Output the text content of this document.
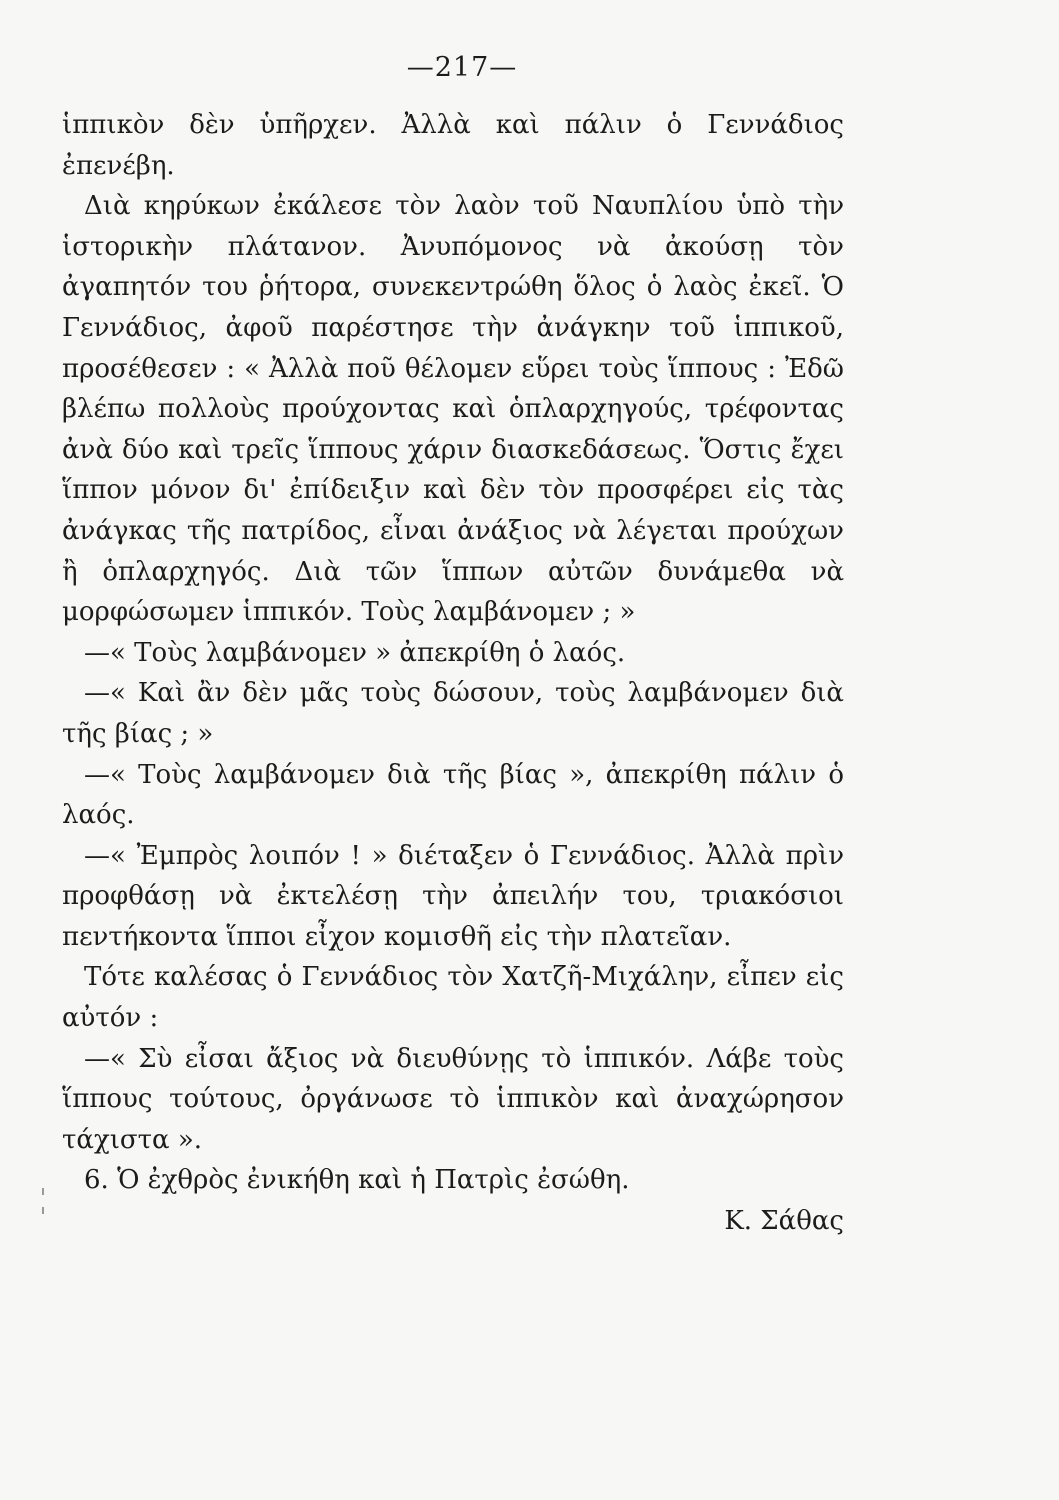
—217—

ἱππικὸν δὲν ὑπῆρχεν. Ἀλλὰ καὶ πάλιν ὁ Γεννάδιος ἐπενέβη.

Διὰ κηρύκων ἐκάλεσε τὸν λαὸν τοῦ Ναυπλίου ὑπὸ τὴν ἱστορικὴν πλάτανον. Ἀνυπόμονος νὰ ἀκούσῃ τὸν ἀγαπητόν του ῥήτορα, συνεκεντρώθη ὅλος ὁ λαὸς ἐκεῖ. Ὁ Γεννάδιος, ἀφοῦ παρέστησε τὴν ἀνάγκην τοῦ ἱππικοῦ, προσέθεσεν : « Ἀλλὰ ποῦ θέλομεν εὕρει τοὺς ἵππους : Ἐδῶ βλέπω πολλοὺς προύχοντας καὶ ὁπλαρχηγούς, τρέφοντας ἀνὰ δύο καὶ τρεῖς ἵππους χάριν διασκεδάσεως. Ὅστις ἔχει ἵππον μόνον δι' ἐπίδειξιν καὶ δὲν τὸν προσφέρει εἰς τὰς ἀνάγκας τῆς πατρίδος, εἶναι ἀνάξιος νὰ λέγεται προύχων ἢ ὁπλαρχηγός. Διὰ τῶν ἵππων αὐτῶν δυνάμεθα νὰ μορφώσωμεν ἱππικόν. Τοὺς λαμβάνομεν ; »

—« Τοὺς λαμβάνομεν » ἀπεκρίθη ὁ λαός.

—« Καὶ ἂν δὲν μᾶς τοὺς δώσουν, τοὺς λαμβάνομεν διὰ τῆς βίας ; »

—« Τοὺς λαμβάνομεν διὰ τῆς βίας », ἀπεκρίθη πάλιν ὁ λαός.

—« Ἐμπρὸς λοιπόν ! » διέταξεν ὁ Γεννάδιος. Ἀλλὰ πρὶν προφθάσῃ νὰ ἐκτελέσῃ τὴν ἀπειλήν του, τριακόσιοι πεντήκοντα ἵπποι εἶχον κομισθῆ εἰς τὴν πλατεῖαν.

Τότε καλέσας ὁ Γεννάδιος τὸν Χατζῆ-Μιχάλην, εἶπεν εἰς αὐτόν :

—« Σὺ εἶσαι ἄξιος νὰ διευθύνῃς τὸ ἱππικόν. Λάβε τοὺς ἵππους τούτους, ὀργάνωσε τὸ ἱππικὸν καὶ ἀναχώρησον τάχιστα ».

6. Ὁ ἐχθρὸς ἐνικήθη καὶ ἡ Πατρὶς ἐσώθη.

Κ. Σάθας
